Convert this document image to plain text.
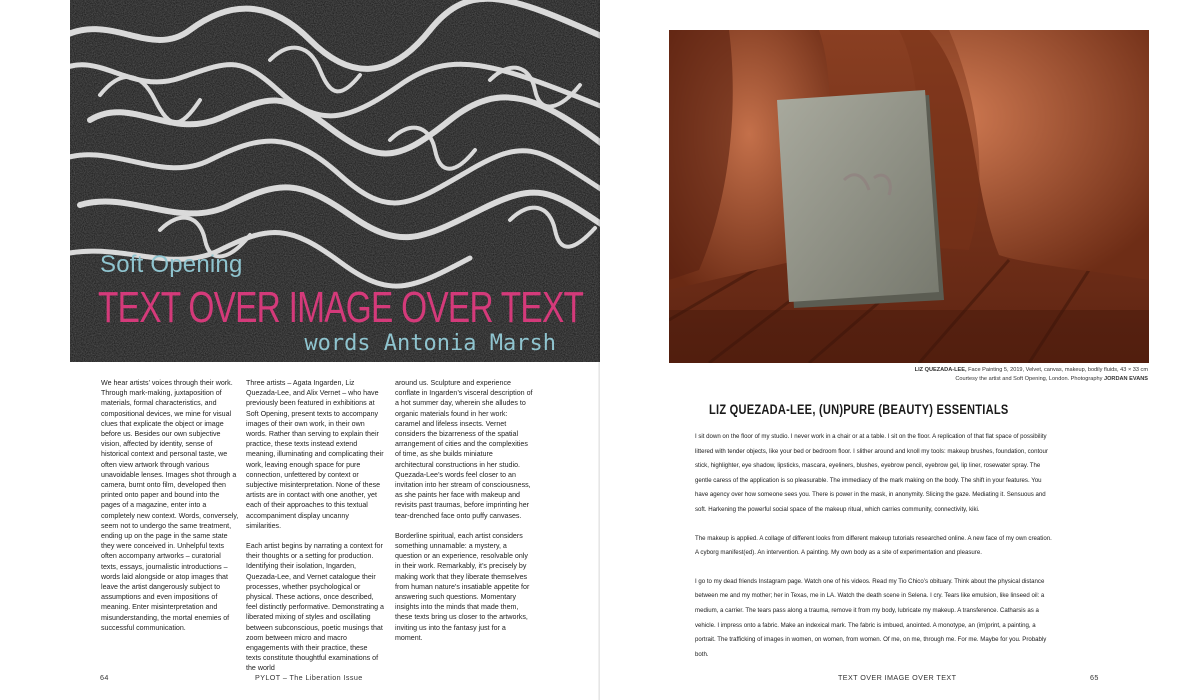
Soft Opening
TEXT OVER IMAGE OVER TEXT
words Antonia Marsh

We hear artists’ voices through their work. Through mark-making, juxtaposition of materials, formal characteristics, and compositional devices, we mine for visual clues that explicate the object or image before us. Besides our own subjective vision, affected by identity, sense of historical context and personal taste, we often view artwork through various unavoidable lenses. Images shot through a camera, burnt onto film, developed then printed onto paper and bound into the pages of a magazine, enter into a completely new context. Words, conversely, seem not to undergo the same treatment, ending up on the page in the same state they were conceived in. Unhelpful texts often accompany artworks – curatorial texts, essays, journalistic introductions – words laid alongside or atop images that leave the artist dangerously subject to assumptions and even impositions of meaning. Enter misinterpretation and misunderstanding, the mortal enemies of successful communication.

Three artists – Agata Ingarden, Liz Quezada-Lee, and Alix Vernet – who have previously been featured in exhibitions at Soft Opening, present texts to accompany images of their own work, in their own words. Rather than serving to explain their practice, these texts instead extend meaning, illuminating and complicating their work, leaving enough space for pure connection, unfettered by context or subjective misinterpretation. None of these artists are in contact with one another, yet each of their approaches to this textual accompaniment display uncanny similarities.

Each artist begins by narrating a context for their thoughts or a setting for production. Identifying their isolation, Ingarden, Quezada-Lee, and Vernet catalogue their processes, whether psychological or physical. These actions, once described, feel distinctly performative. Demonstrating a liberated mixing of styles and oscillating between subconscious, poetic musings that zoom between micro and macro engagements with their practice, these texts constitute thoughtful examinations of the world

around us. Sculpture and experience conflate in Ingarden’s visceral description of a hot summer day, wherein she alludes to organic materials found in her work: caramel and lifeless insects. Vernet considers the bizarreness of the spatial arrangement of cities and the complexities of time, as she builds miniature architectural constructions in her studio. Quezada-Lee’s words feel closer to an invitation into her stream of consciousness, as she paints her face with makeup and revisits past traumas, before imprinting her tear-drenched face onto puffy canvases.

Borderline spiritual, each artist considers something unnamable: a mystery, a question or an experience, resolvable only in their work. Remarkably, it’s precisely by making work that they liberate themselves from human nature’s insatiable appetite for answering such questions. Momentary insights into the minds that made them, these texts bring us closer to the artworks, inviting us into the fantasy just for a moment.

64	PYLOT – The Liberation Issue
LIZ QUEZADA-LEE, Face Painting 5, 2019, Velvet, canvas, makeup, bodily fluids, 43 × 33 cm
Courtesy the artist and Soft Opening, London. Photography JORDAN EVANS
LIZ QUEZADA-LEE, (UN)PURE (BEAUTY) ESSENTIALS

I sit down on the floor of my studio. I never work in a chair or at a table. I sit on the floor. A replication of that flat space of possibility littered with tender objects, like your bed or bedroom floor. I slither around and knoll my tools: makeup brushes, foundation, contour stick, highlighter, eye shadow, lipsticks, mascara, eyeliners, blushes, eyebrow pencil, eyebrow gel, lip liner, rosewater spray. The gentle caress of the application is so pleasurable. The immediacy of the mark making on the body. The shift in your features. You have agency over how someone sees you. There is power in the mask, in anonymity. Slicing the gaze. Mediating it. Sensuous and soft. Harkening the powerful social space of the makeup ritual, which carries community, connectivity, kiki.

The makeup is applied. A collage of different looks from different makeup tutorials researched online. A new face of my own creation. A cyborg manifest(ed). An intervention. A painting. My own body as a site of experimentation and pleasure.

I go to my dead friends Instagram page. Watch one of his videos. Read my Tio Chico’s obituary. Think about the physical distance between me and my mother; her in Texas, me in LA. Watch the death scene in Selena. I cry. Tears like emulsion, like linseed oil: a medium, a carrier. The tears pass along a trauma, remove it from my body, lubricate my makeup. A transference. Catharsis as a vehicle. I impress onto a fabric. Make an indexical mark. The fabric is imbued, anointed. A monotype, an (im)print, a painting, a portrait. The trafficking of images in women, on women, from women. Of me, on me, through me. For me. Maybe for you. Probably both.

TEXT OVER IMAGE OVER TEXT	65
